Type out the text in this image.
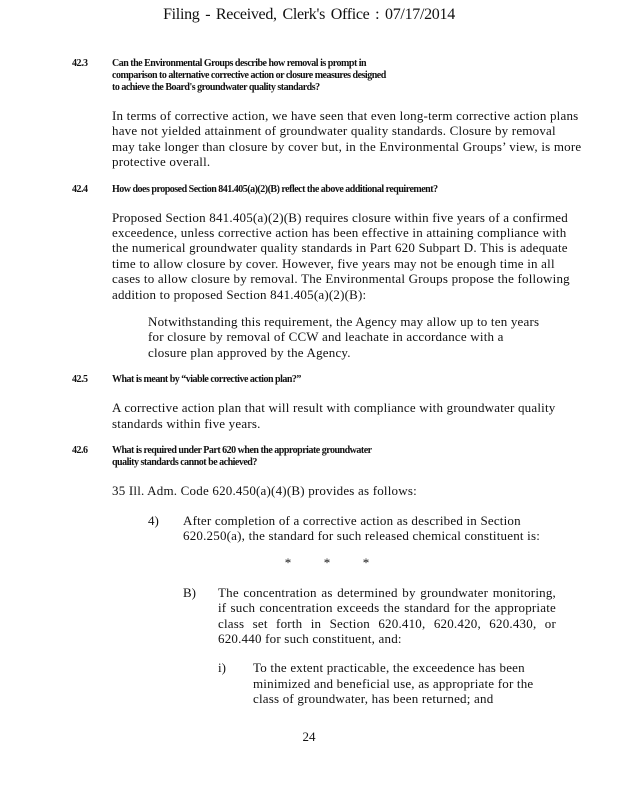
Filing - Received, Clerk's Office : 07/17/2014
42.3	Can the Environmental Groups describe how removal is prompt in comparison to alternative corrective action or closure measures designed to achieve the Board's groundwater quality standards?
In terms of corrective action, we have seen that even long-term corrective action plans have not yielded attainment of groundwater quality standards. Closure by removal may take longer than closure by cover but, in the Environmental Groups’ view, is more protective overall.
42.4	How does proposed Section 841.405(a)(2)(B) reflect the above additional requirement?
Proposed Section 841.405(a)(2)(B) requires closure within five years of a confirmed exceedence, unless corrective action has been effective in attaining compliance with the numerical groundwater quality standards in Part 620 Subpart D. This is adequate time to allow closure by cover. However, five years may not be enough time in all cases to allow closure by removal. The Environmental Groups propose the following addition to proposed Section 841.405(a)(2)(B):
Notwithstanding this requirement, the Agency may allow up to ten years for closure by removal of CCW and leachate in accordance with a closure plan approved by the Agency.
42.5	What is meant by “viable corrective action plan?”
A corrective action plan that will result with compliance with groundwater quality standards within five years.
42.6	What is required under Part 620 when the appropriate groundwater quality standards cannot be achieved?
35 Ill. Adm. Code 620.450(a)(4)(B) provides as follows:
4)	After completion of a corrective action as described in Section 620.250(a), the standard for such released chemical constituent is:
*          *          *
B)	The concentration as determined by groundwater monitoring, if such concentration exceeds the standard for the appropriate class set forth in Section 620.410, 620.420, 620.430, or 620.440 for such constituent, and:
i)	To the extent practicable, the exceedence has been minimized and beneficial use, as appropriate for the class of groundwater, has been returned; and
24
